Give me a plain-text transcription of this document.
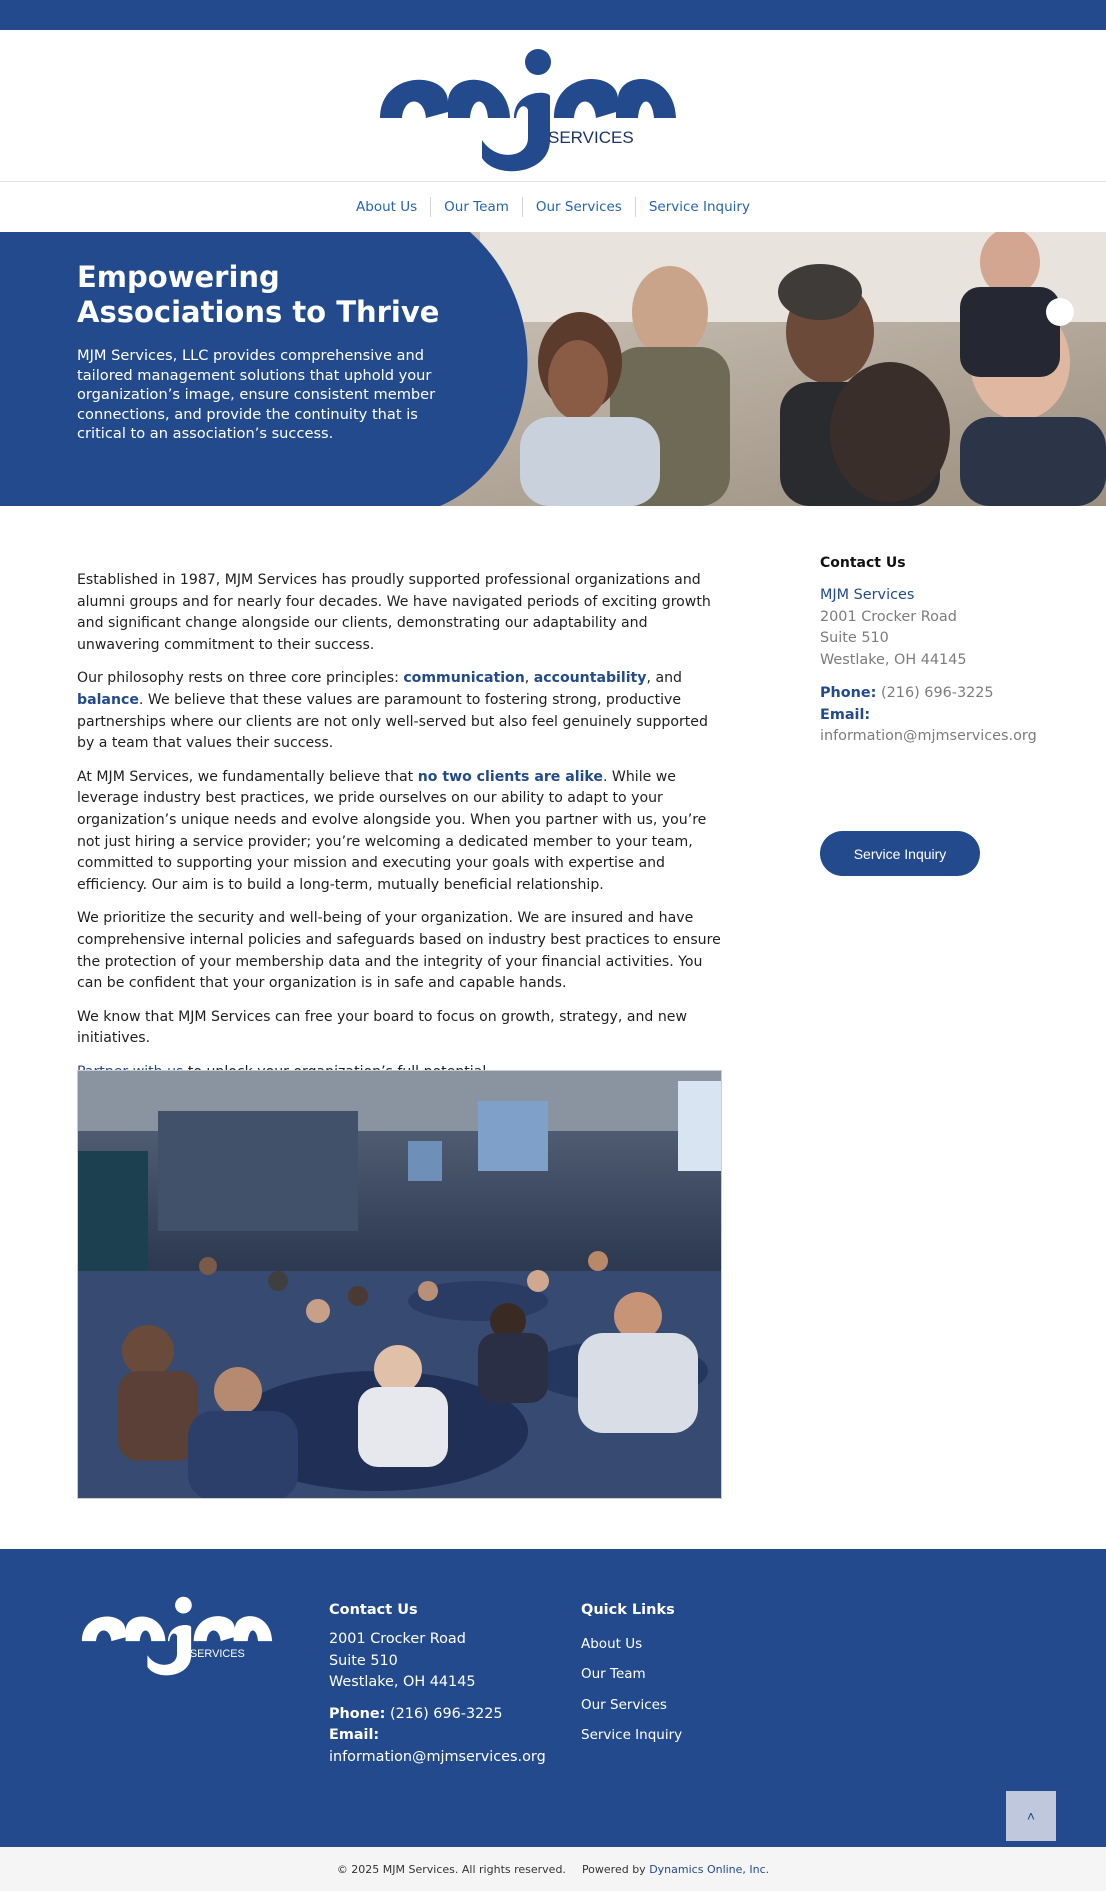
SERVICES
About Us	Our Team	Our Services	Service Inquiry
Empowering Associations to Thrive

MJM Services, LLC provides comprehensive and tailored management solutions that uphold your organization’s image, ensure consistent member connections, and provide the continuity that is critical to an association’s success.

Established in 1987, MJM Services has proudly supported professional organizations and alumni groups and for nearly four decades. We have navigated periods of exciting growth and significant change alongside our clients, demonstrating our adaptability and unwavering commitment to their success.

Our philosophy rests on three core principles: communication, accountability, and balance. We believe that these values are paramount to fostering strong, productive partnerships where our clients are not only well-served but also feel genuinely supported by a team that values their success.

At MJM Services, we fundamentally believe that no two clients are alike. While we leverage industry best practices, we pride ourselves on our ability to adapt to your organization’s unique needs and evolve alongside you. When you partner with us, you’re not just hiring a service provider; you’re welcoming a dedicated member to your team, committed to supporting your mission and executing your goals with expertise and efficiency. Our aim is to build a long-term, mutually beneficial relationship.

We prioritize the security and well-being of your organization. We are insured and have comprehensive internal policies and safeguards based on industry best practices to ensure the protection of your membership data and the integrity of your financial activities. You can be confident that your organization is in safe and capable hands.

We know that MJM Services can free your board to focus on growth, strategy, and new initiatives.

Contact Us
MJM Services
2001 Crocker Road
Suite 510
Westlake, OH 44145
Phone: (216) 696-3225
Email:
information@mjmservices.org
Service Inquiry
SERVICES
Contact Us
2001 Crocker Road
Suite 510
Westlake, OH 44145
Phone: (216) 696-3225
Email:
information@mjmservices.org
Quick Links
About Us
Our Team
Our Services
Service Inquiry
˄
© 2025 MJM Services. All rights reserved. Powered by Dynamics Online, Inc.
